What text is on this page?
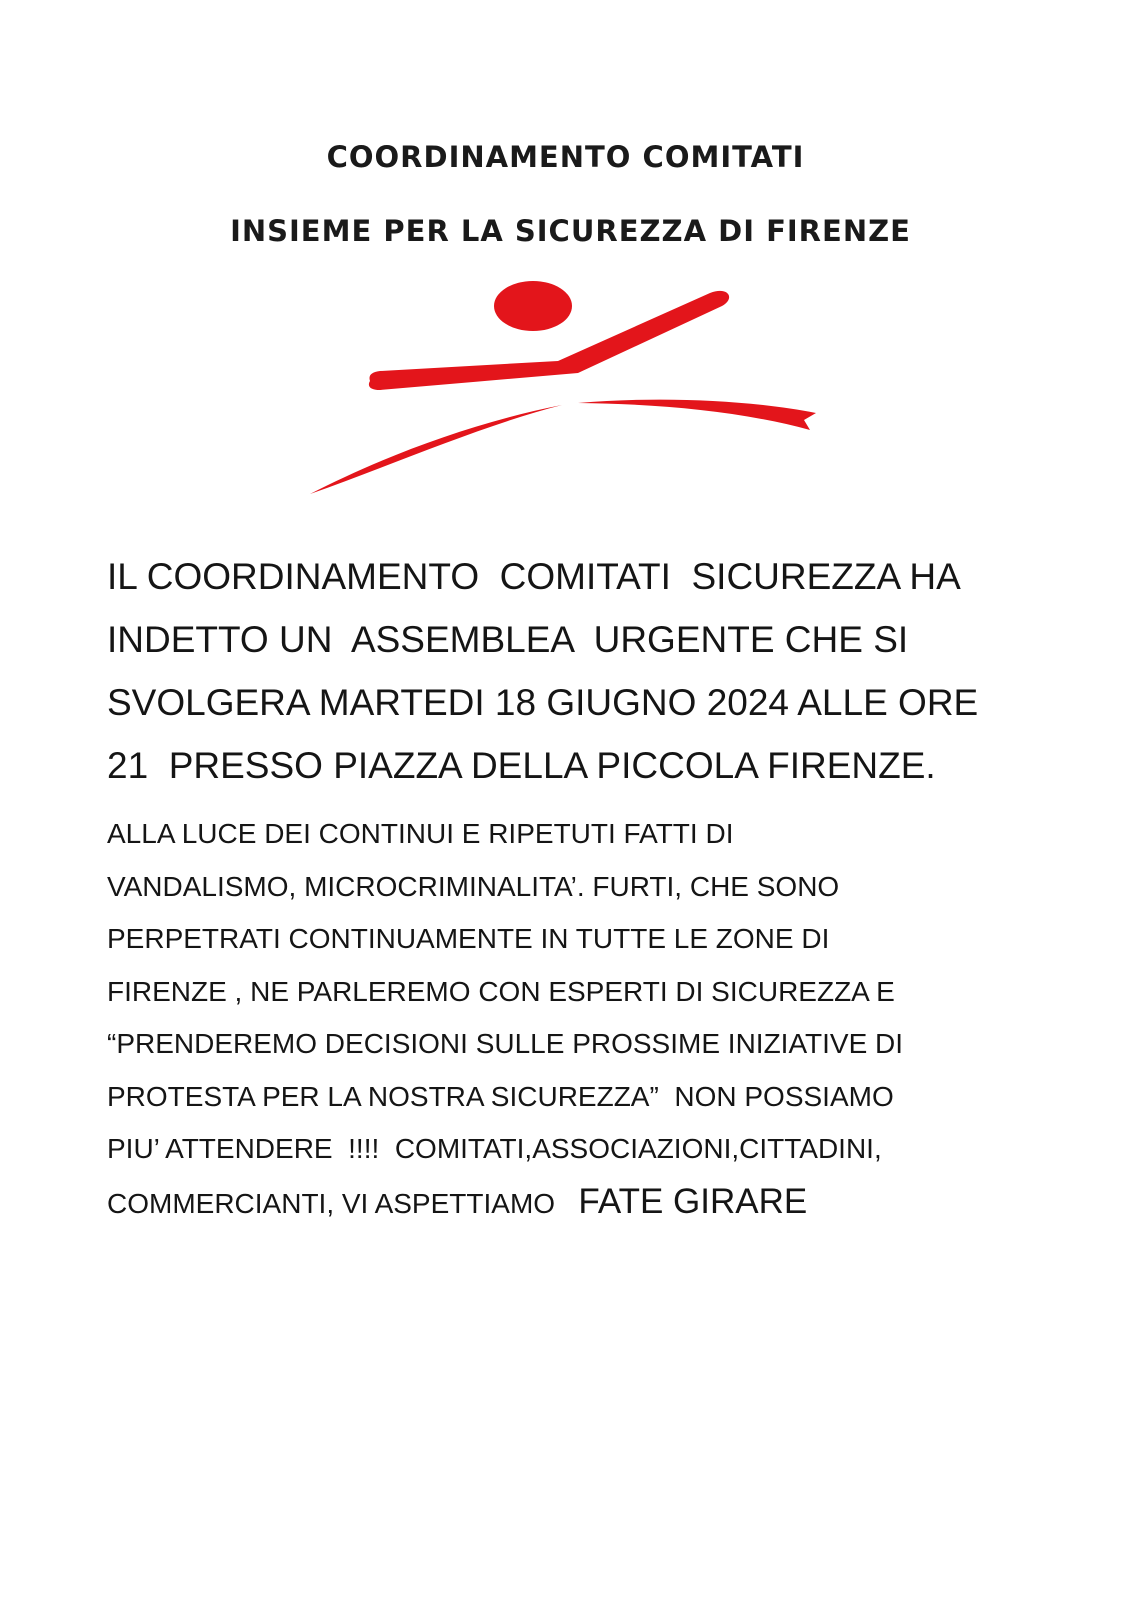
COORDINAMENTO COMITATI
INSIEME PER LA SICUREZZA DI FIRENZE

IL COORDINAMENTO  COMITATI  SICUREZZA HA
INDETTO UN  ASSEMBLEA  URGENTE CHE SI
SVOLGERA MARTEDI 18 GIUGNO 2024 ALLE ORE
21  PRESSO PIAZZA DELLA PICCOLA FIRENZE.

ALLA LUCE DEI CONTINUI E RIPETUTI FATTI DI
VANDALISMO, MICROCRIMINALITA’. FURTI, CHE SONO
PERPETRATI CONTINUAMENTE IN TUTTE LE ZONE DI
FIRENZE , NE PARLEREMO CON ESPERTI DI SICUREZZA E
“PRENDEREMO DECISIONI SULLE PROSSIME INIZIATIVE DI
PROTESTA PER LA NOSTRA SICUREZZA”  NON POSSIAMO
PIU’ ATTENDERE  !!!!  COMITATI,ASSOCIAZIONI,CITTADINI,
COMMERCIANTI, VI ASPETTIAMO   FATE GIRARE
